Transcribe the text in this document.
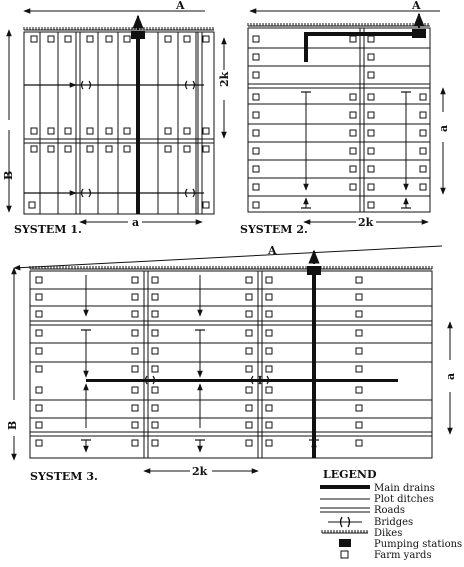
A
B
2k
a
SYSTEM 1.
A
a
2k
SYSTEM 2.
A
B
a
2k
SYSTEM 3.	LEGEND
Main drains
Plot ditches
Roads
Bridges
Dikes
Pumping stations
Farm yards
